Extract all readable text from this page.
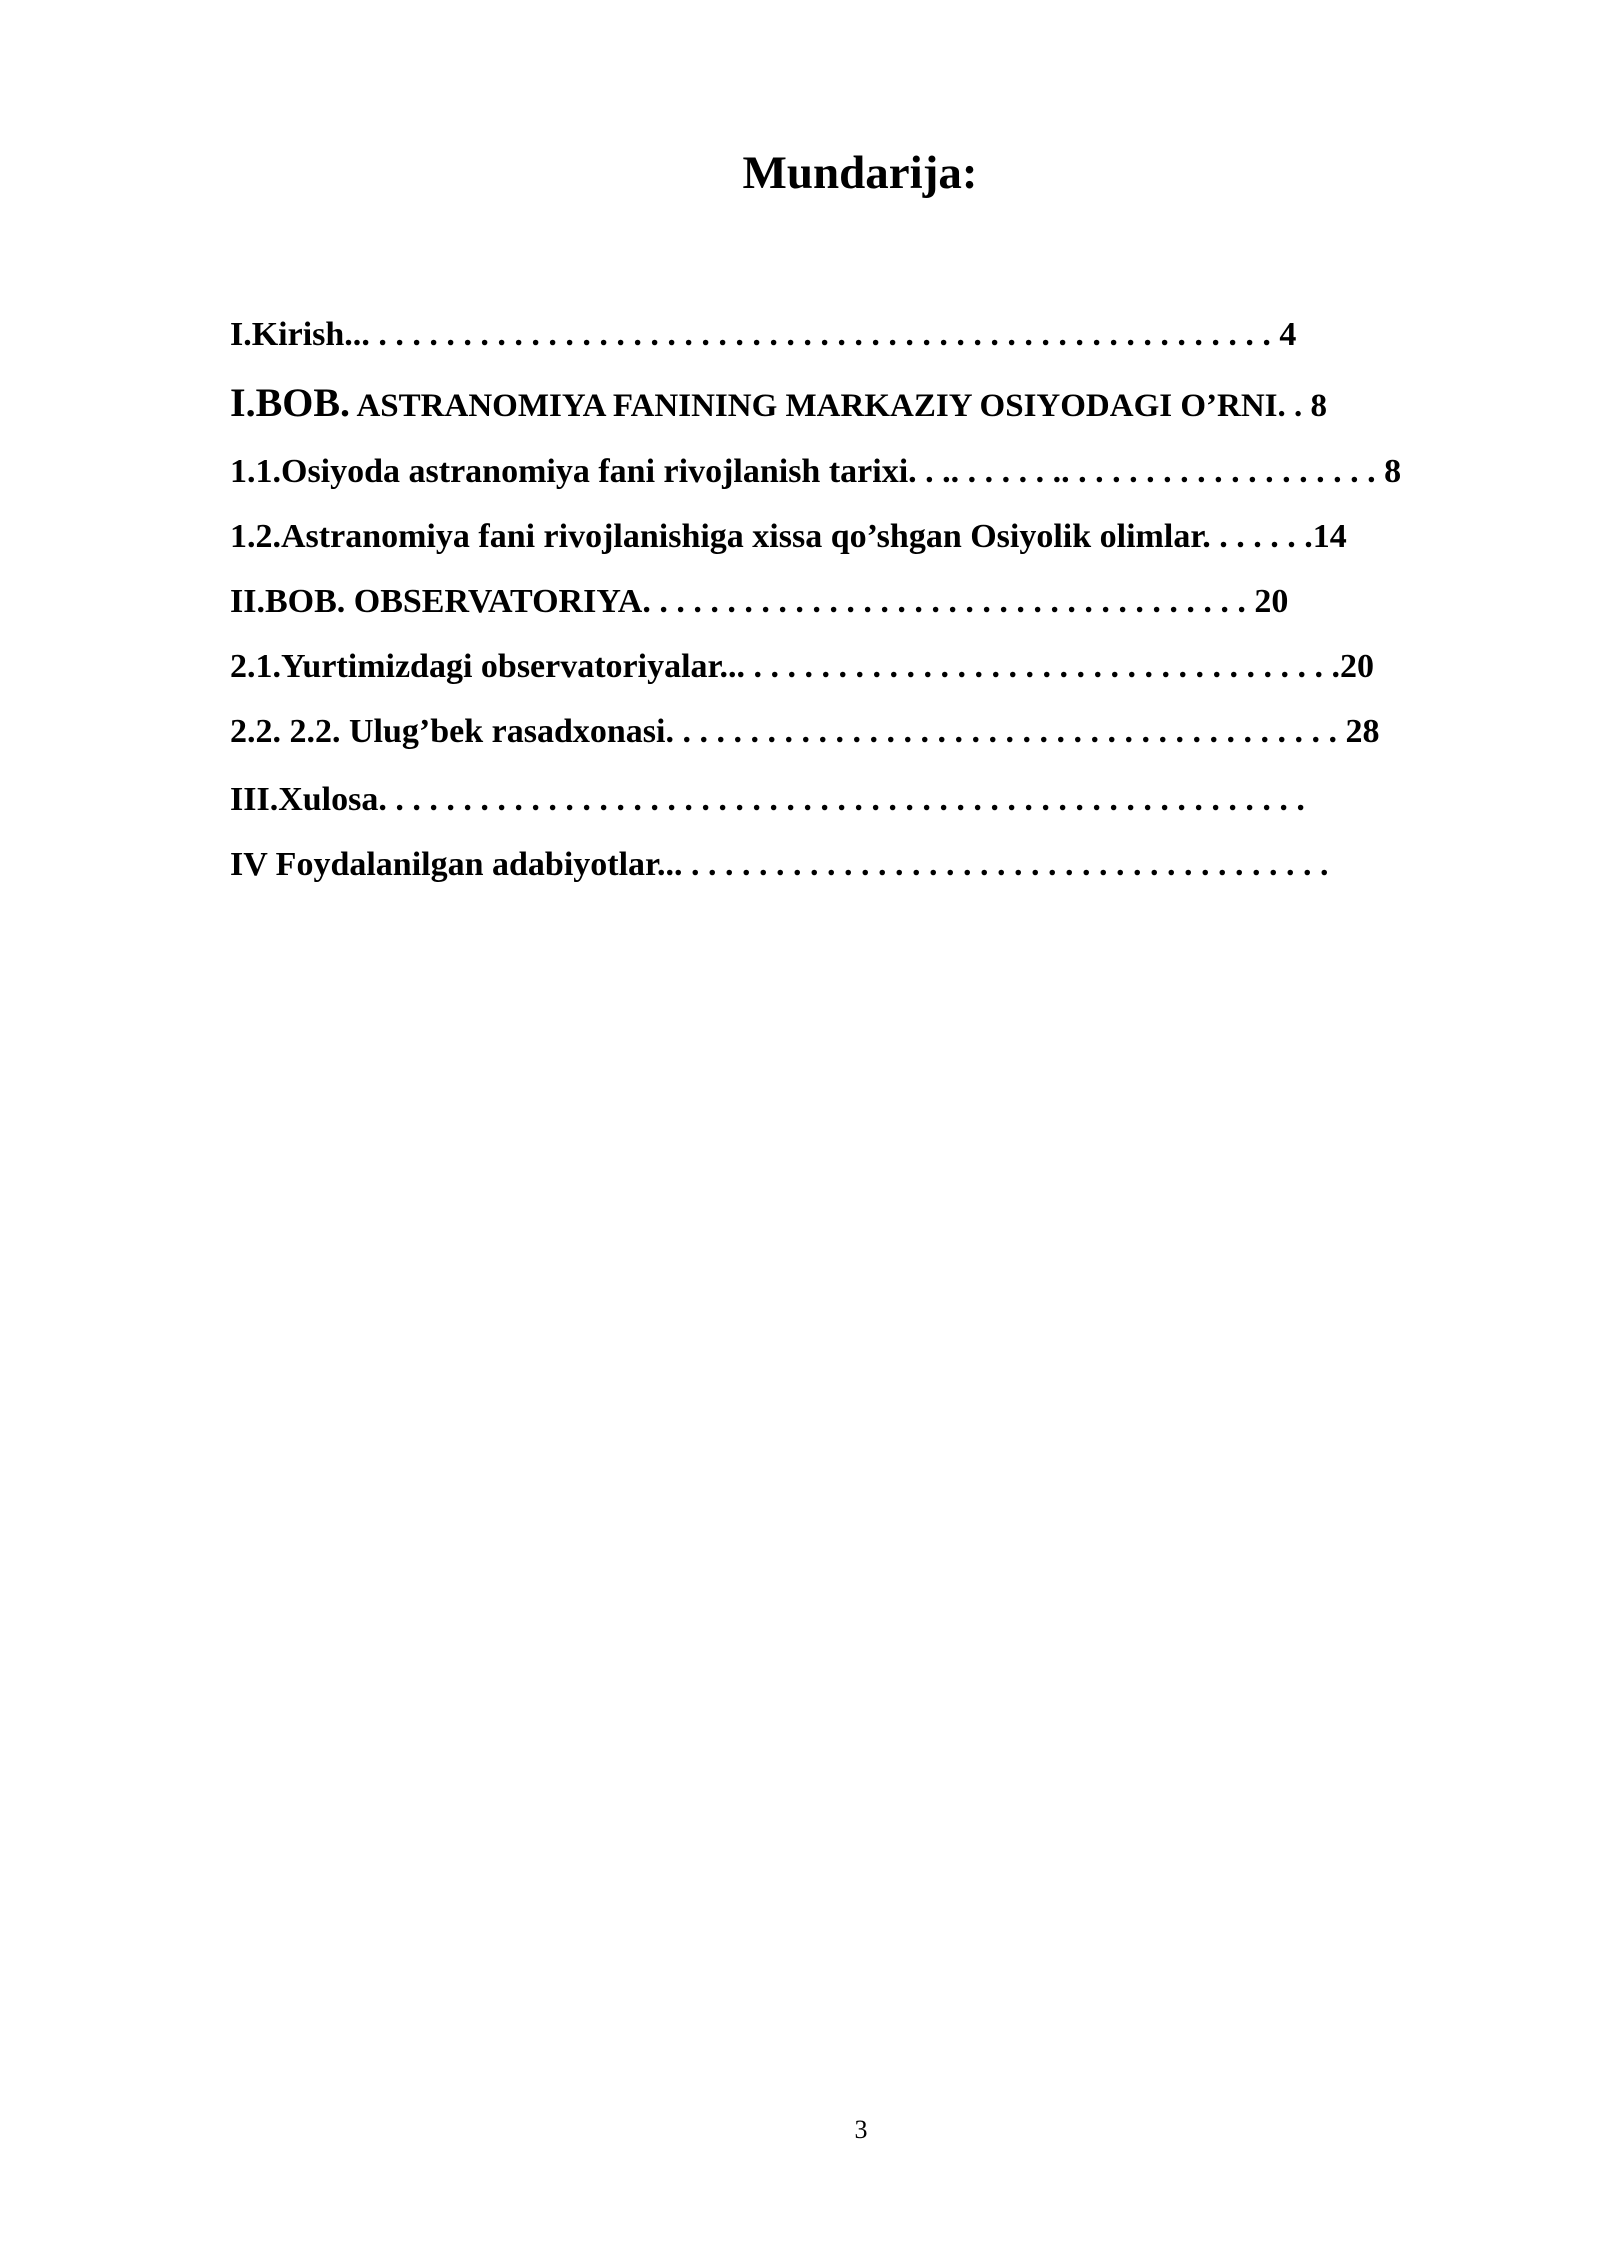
Mundarija:
I.Kirish... . . . . . . . . . . . . . . . . . . . . . . . . . . . . . . . . . . . . . . . . . . . . . . . . . . . . . 4
I.BOB. ASTRANOMIYA FANINING MARKAZIY OSIYODAGI O’RNI. . 8
1.1.Osiyoda astranomiya fani rivojlanish tarixi. . .. . . . . . .. . . . . . . . . . . . . . . . . . . 8
1.2.Astranomiya fani rivojlanishiga xissa qo’shgan Osiyolik olimlar. . . . . . .14
II.BOB. OBSERVATORIYA. . . . . . . . . . . . . . . . . . . . . . . . . . . . . . . . . . . . 20
2.1.Yurtimizdagi observatoriyalar... . . . . . . . . . . . . . . . . . . . . . . . . . . . . . . . . . . .20
2.2. 2.2. Ulug’bek rasadxonasi. . . . . . . . . . . . . . . . . . . . . . . . . . . . . . . . . . . . . . . . 28
III.Xulosa. . . . . . . . . . . . . . . . . . . . . . . . . . . . . . . . . . . . . . . . . . . . . . . . . . . . . . .
IV Foydalanilgan adabiyotlar... . . . . . . . . . . . . . . . . . . . . . . . . . . . . . . . . . . . . . .
3
